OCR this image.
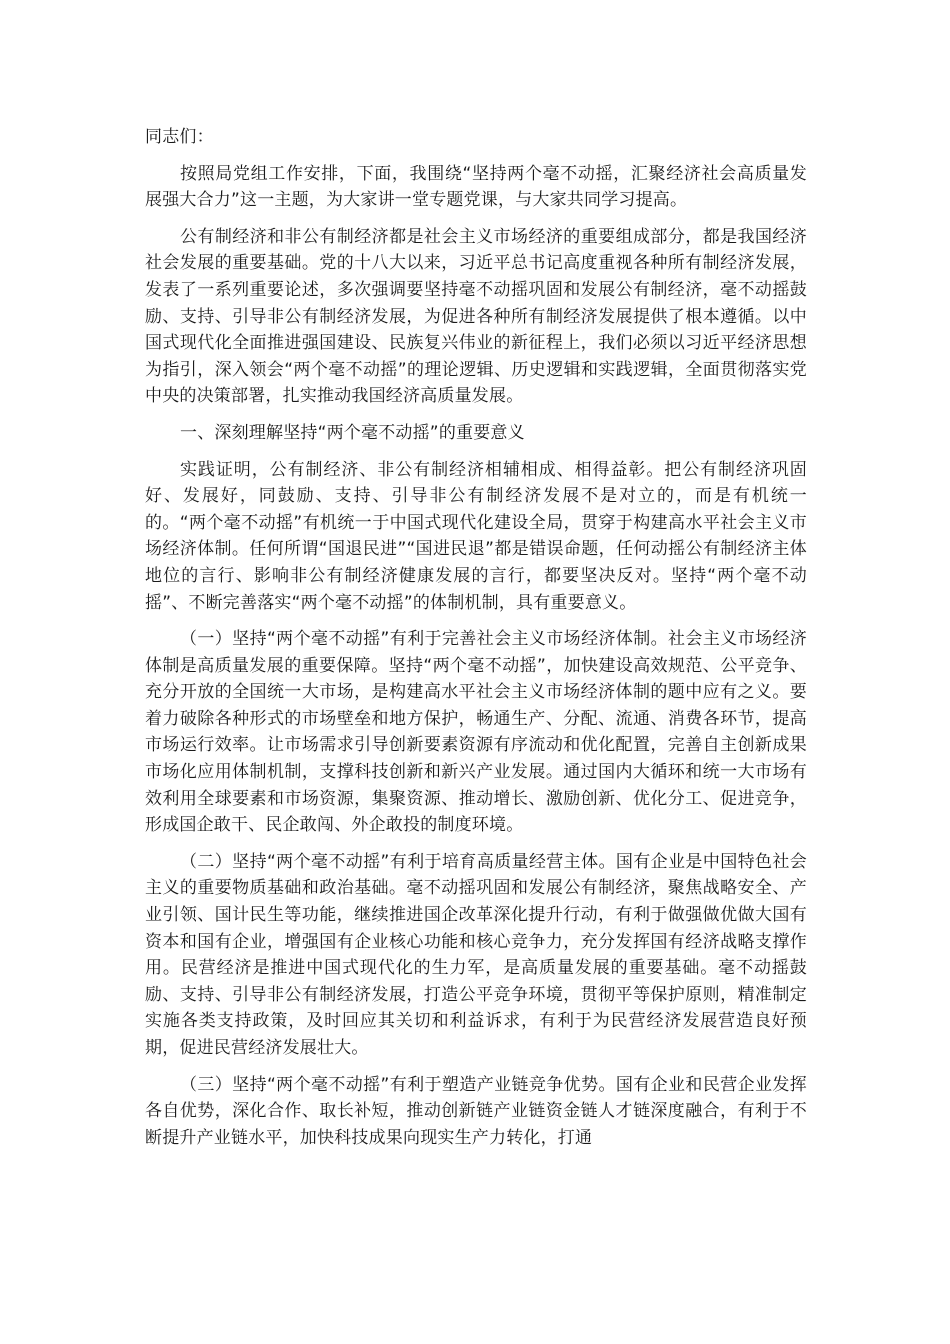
同志们：

按照局党组工作安排，下面，我围绕“坚持两个毫不动摇，汇聚经济社会高质量发展强大合力”这一主题，为大家讲一堂专题党课，与大家共同学习提高。

公有制经济和非公有制经济都是社会主义市场经济的重要组成部分，都是我国经济社会发展的重要基础。党的十八大以来，习近平总书记高度重视各种所有制经济发展，发表了一系列重要论述，多次强调要坚持毫不动摇巩固和发展公有制经济，毫不动摇鼓励、支持、引导非公有制经济发展，为促进各种所有制经济发展提供了根本遵循。以中国式现代化全面推进强国建设、民族复兴伟业的新征程上，我们必须以习近平经济思想为指引，深入领会“两个毫不动摇”的理论逻辑、历史逻辑和实践逻辑，全面贯彻落实党中央的决策部署，扎实推动我国经济高质量发展。

一、深刻理解坚持“两个毫不动摇”的重要意义

实践证明，公有制经济、非公有制经济相辅相成、相得益彰。把公有制经济巩固好、发展好，同鼓励、支持、引导非公有制经济发展不是对立的，而是有机统一的。“两个毫不动摇”有机统一于中国式现代化建设全局，贯穿于构建高水平社会主义市场经济体制。任何所谓“国退民进”“国进民退”都是错误命题，任何动摇公有制经济主体地位的言行、影响非公有制经济健康发展的言行，都要坚决反对。坚持“两个毫不动摇”、不断完善落实“两个毫不动摇”的体制机制，具有重要意义。

（一）坚持“两个毫不动摇”有利于完善社会主义市场经济体制。社会主义市场经济体制是高质量发展的重要保障。坚持“两个毫不动摇”，加快建设高效规范、公平竞争、充分开放的全国统一大市场，是构建高水平社会主义市场经济体制的题中应有之义。要着力破除各种形式的市场壁垒和地方保护，畅通生产、分配、流通、消费各环节，提高市场运行效率。让市场需求引导创新要素资源有序流动和优化配置，完善自主创新成果市场化应用体制机制，支撑科技创新和新兴产业发展。通过国内大循环和统一大市场有效利用全球要素和市场资源，集聚资源、推动增长、激励创新、优化分工、促进竞争，形成国企敢干、民企敢闯、外企敢投的制度环境。

（二）坚持“两个毫不动摇”有利于培育高质量经营主体。国有企业是中国特色社会主义的重要物质基础和政治基础。毫不动摇巩固和发展公有制经济，聚焦战略安全、产业引领、国计民生等功能，继续推进国企改革深化提升行动，有利于做强做优做大国有资本和国有企业，增强国有企业核心功能和核心竞争力，充分发挥国有经济战略支撑作用。民营经济是推进中国式现代化的生力军，是高质量发展的重要基础。毫不动摇鼓励、支持、引导非公有制经济发展，打造公平竞争环境，贯彻平等保护原则，精准制定实施各类支持政策，及时回应其关切和利益诉求，有利于为民营经济发展营造良好预期，促进民营经济发展壮大。

（三）坚持“两个毫不动摇”有利于塑造产业链竞争优势。国有企业和民营企业发挥各自优势，深化合作、取长补短，推动创新链产业链资金链人才链深度融合，有利于不断提升产业链水平，加快科技成果向现实生产力转化，打通
